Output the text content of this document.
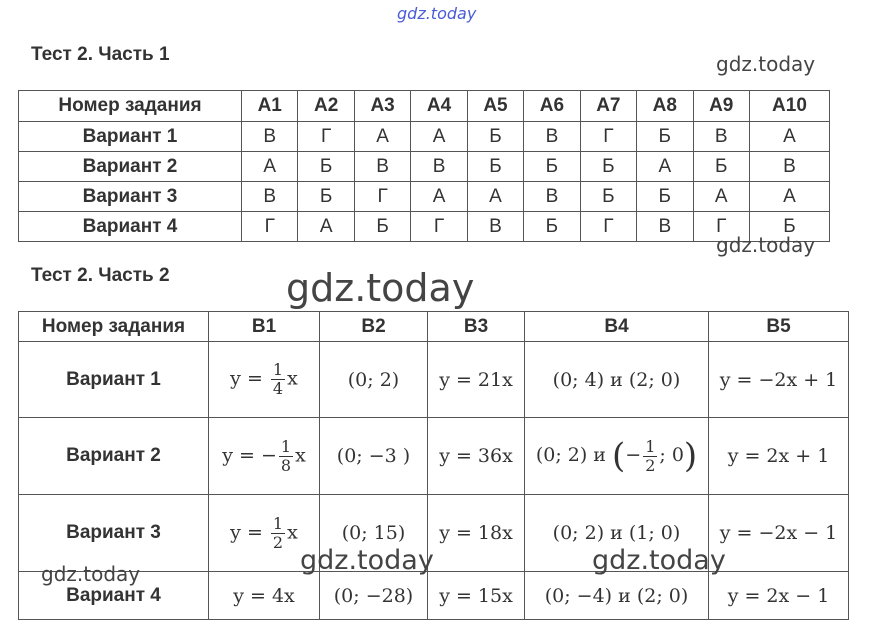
gdz.today
gdz.today
Тест 2. Часть 1
Номер задания	A1	A2	A3	A4	A5	A6	A7	A8	A9	A10
Вариант 1	В	Г	А	А	Б	В	Г	Б	В	А
Вариант 2	А	Б	В	В	Б	Б	Б	А	Б	В
Вариант 3	В	Б	Г	А	А	В	Б	Б	А	А
Вариант 4	Г	А	Б	Г	В	Б	Г	В	Г	Б
gdz.today
Тест 2. Часть 2	gdz.today
Номер задания	B1	B2	B3	B4	B5
Вариант 1	$y = \frac{1}{4}$ x	(0; 2)	y = 21x	(0; 4) и (2; 0)	y = −2x + 1
Вариант 2	y = − $\frac{1}{8}$ x	(0; −3 )	y = 36x	(0; 2) и (− $\frac{1}{2}$ ; 0)	y = 2x + 1
Вариант 3	$y = \frac{1}{2}$ x	(0; 15)	y = 18x	(0; 2) и (1; 0)	y = −2x − 1
Вариант 4	y = 4x	(0; −28)	y = 15x	(0; −4) и (2; 0)	y = 2x − 1
gdz.today	gdz.today
gdz.today
